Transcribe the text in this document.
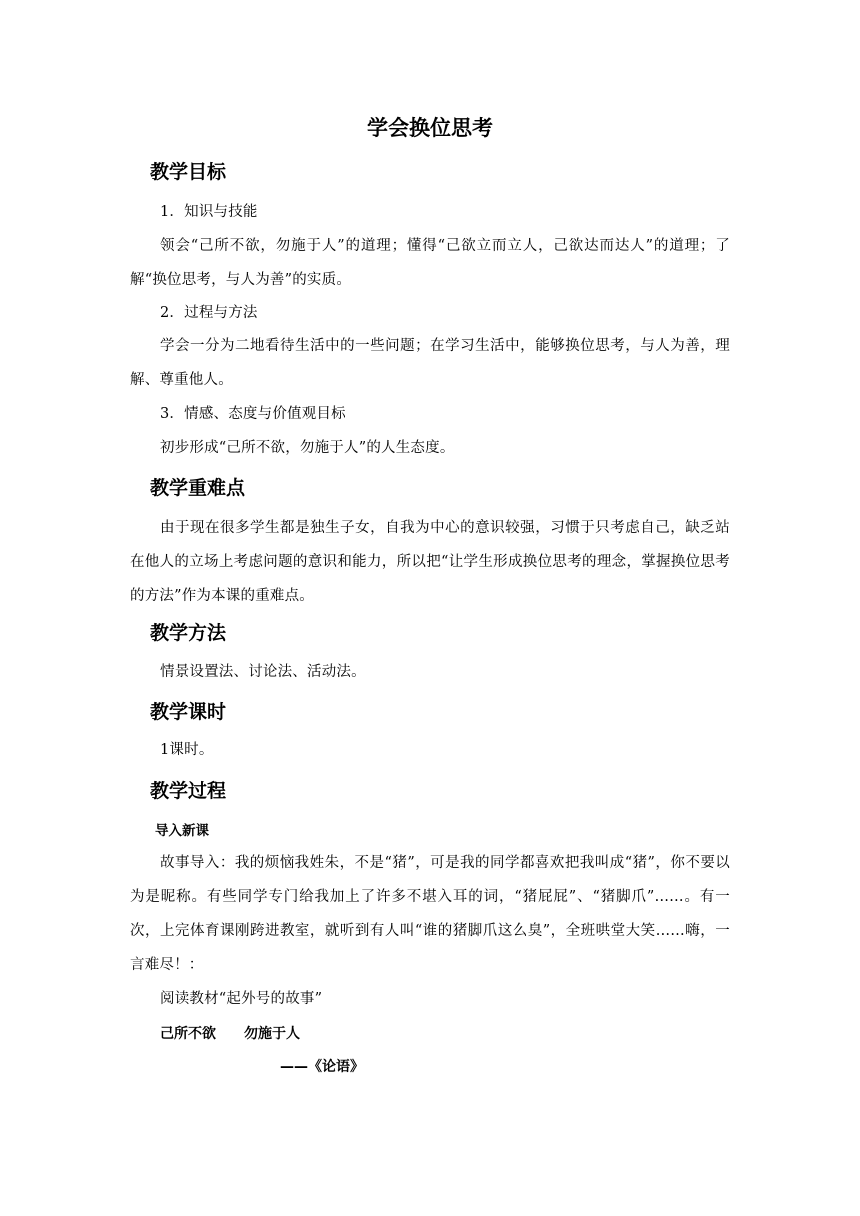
学会换位思考
教学目标

1．知识与技能

领会“己所不欲，勿施于人”的道理；懂得“己欲立而立人，己欲达而达人”的道理；了解“换位思考，与人为善”的实质。

2．过程与方法

学会一分为二地看待生活中的一些问题；在学习生活中，能够换位思考，与人为善，理解、尊重他人。

3．情感、态度与价值观目标

初步形成“己所不欲，勿施于人”的人生态度。

教学重难点

由于现在很多学生都是独生子女，自我为中心的意识较强，习惯于只考虑自己，缺乏站在他人的立场上考虑问题的意识和能力，所以把“让学生形成换位思考的理念，掌握换位思考的方法”作为本课的重难点。

教学方法

情景设置法、讨论法、活动法。

教学课时

1课时。

教学过程

导入新课

故事导入：我的烦恼我姓朱，不是“猪”，可是我的同学都喜欢把我叫成“猪”，你不要以为是昵称。有些同学专门给我加上了许多不堪入耳的词，“猪屁屁”、“猪脚爪”……。有一次，上完体育课刚跨进教室，就听到有人叫“谁的猪脚爪这么臭”，全班哄堂大笑……嗨，一言难尽！：

阅读教材“起外号的故事”

己所不欲 勿施于人

——《论语》
